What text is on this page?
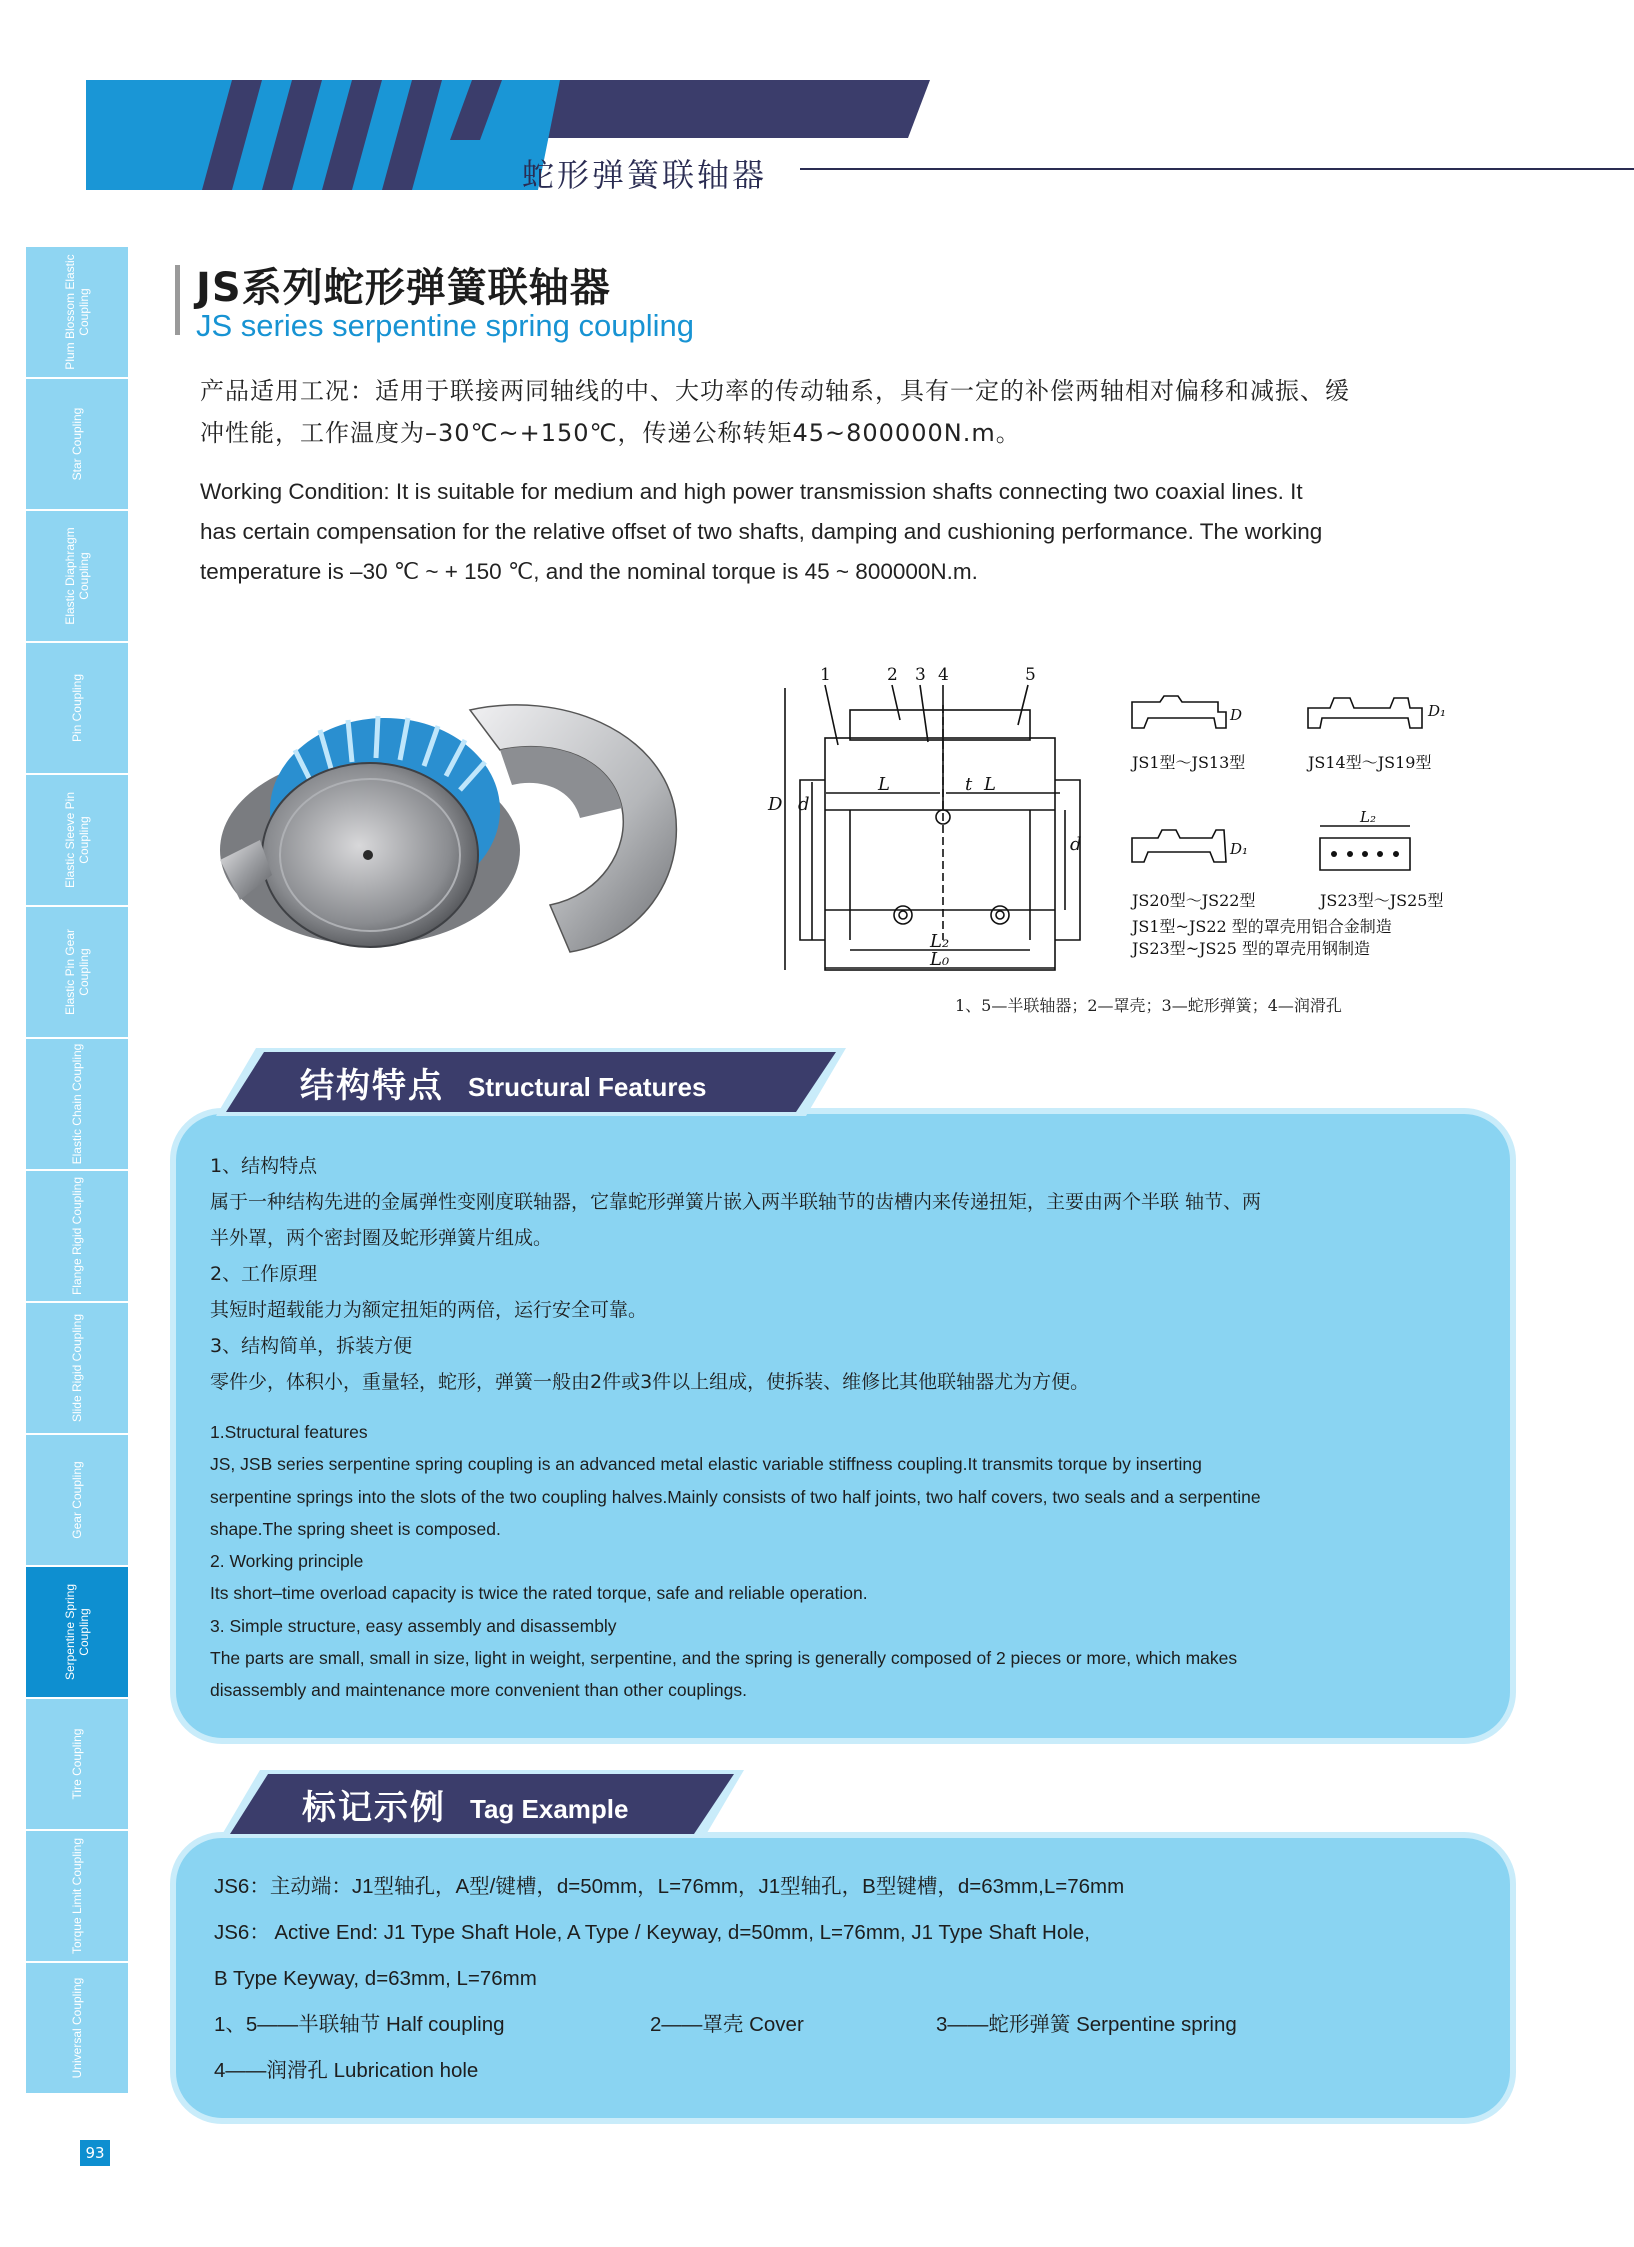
蛇形弹簧联轴器
Plum Blossom Elastic Coupling
Star Coupling
Elastic Diaphragm Coupling
Pin Coupling
Elastic Sleeve Pin Coupling
Elastic Pin Gear Coupling
Elastic Chain Coupling
Flange Rigid Coupling
Slide Rigid Coupling
Gear Coupling
Serpentine Spring Coupling
Tire Coupling
Torque Limit Coupling
Universal Coupling
93
JS系列蛇形弹簧联轴器
JS series serpentine spring coupling
产品适用工况：适用于联接两同轴线的中、大功率的传动轴系，具有一定的补偿两轴相对偏移和减振、缓
冲性能，工作温度为–30℃~+150℃，传递公称转矩45~800000N.m。
Working Condition: It is suitable for medium and high power transmission shafts connecting two coaxial lines. It
has certain compensation for the relative offset of two shafts, damping and cushioning performance. The working
temperature is –30 ℃ ~ + 150 ℃, and the nominal torque is 45 ~ 800000N.m.
1	2 3 4	5
D d
d
L	t L
L₂
L₀
JS1型～JS13型	JS14型～JS19型
JS20型～JS22型	JS23型～JS25型
JS1型~JS22 型的罩壳用铝合金制造
JS23型~JS25 型的罩壳用钢制造
D	D₁
D₁
L₂
1、5—半联轴器；2—罩壳；3—蛇形弹簧；4—润滑孔
结构特点 Structural Features
1、结构特点
属于一种结构先进的金属弹性变刚度联轴器，它靠蛇形弹簧片嵌入两半联轴节的齿槽内来传递扭矩，主要由两个半联 轴节、两
半外罩，两个密封圈及蛇形弹簧片组成。
2、工作原理
其短时超载能力为额定扭矩的两倍，运行安全可靠。
3、结构简单，拆装方便
零件少，体积小，重量轻，蛇形，弹簧一般由2件或3件以上组成，使拆装、维修比其他联轴器尤为方便。
1.Structural features
JS, JSB series serpentine spring coupling is an advanced metal elastic variable stiffness coupling.It transmits torque by inserting
serpentine springs into the slots of the two coupling halves.Mainly consists of two half joints, two half covers, two seals and a serpentine
shape.The spring sheet is composed.
2. Working principle
Its short–time overload capacity is twice the rated torque, safe and reliable operation.
3. Simple structure, easy assembly and disassembly
The parts are small, small in size, light in weight, serpentine, and the spring is generally composed of 2 pieces or more, which makes
disassembly and maintenance more convenient than other couplings.
标记示例 Tag Example
JS6：主动端：J1型轴孔，A型/键槽，d=50mm，L=76mm，J1型轴孔，B型键槽，d=63mm,L=76mm
JS6： Active End: J1 Type Shaft Hole, A Type / Keyway, d=50mm, L=76mm, J1 Type Shaft Hole,
B Type Keyway, d=63mm, L=76mm
1、5——半联轴节 Half coupling	2——罩壳 Cover	3——蛇形弹簧 Serpentine spring
4——润滑孔 Lubrication hole
